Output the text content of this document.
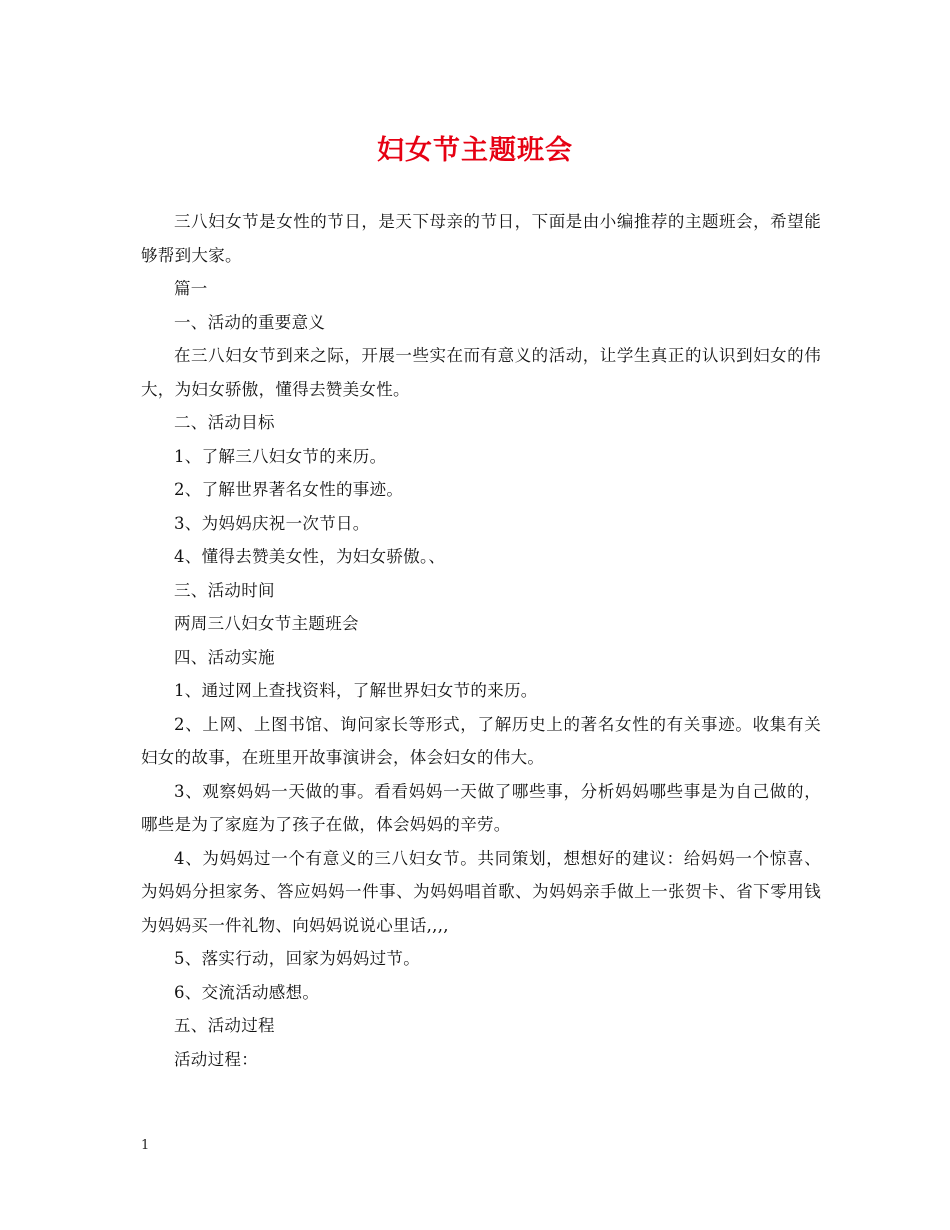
妇女节主题班会

三八妇女节是女性的节日，是天下母亲的节日，下面是由小编推荐的主题班会，希望能够帮到大家。

篇一

一、活动的重要意义

在三八妇女节到来之际，开展一些实在而有意义的活动，让学生真正的认识到妇女的伟大，为妇女骄傲，懂得去赞美女性。

二、活动目标

1、了解三八妇女节的来历。

2、了解世界著名女性的事迹。

3、为妈妈庆祝一次节日。

4、懂得去赞美女性，为妇女骄傲。、

三、活动时间

两周三八妇女节主题班会

四、活动实施

1、通过网上查找资料，了解世界妇女节的来历。

2、上网、上图书馆、询问家长等形式，了解历史上的著名女性的有关事迹。收集有关妇女的故事，在班里开故事演讲会，体会妇女的伟大。

3、观察妈妈一天做的事。看看妈妈一天做了哪些事，分析妈妈哪些事是为自己做的，哪些是为了家庭为了孩子在做，体会妈妈的辛劳。

4、为妈妈过一个有意义的三八妇女节。共同策划，想想好的建议：给妈妈一个惊喜、为妈妈分担家务、答应妈妈一件事、为妈妈唱首歌、为妈妈亲手做上一张贺卡、省下零用钱为妈妈买一件礼物、向妈妈说说心里话,,,,

5、落实行动，回家为妈妈过节。

6、交流活动感想。

五、活动过程

活动过程：

1
